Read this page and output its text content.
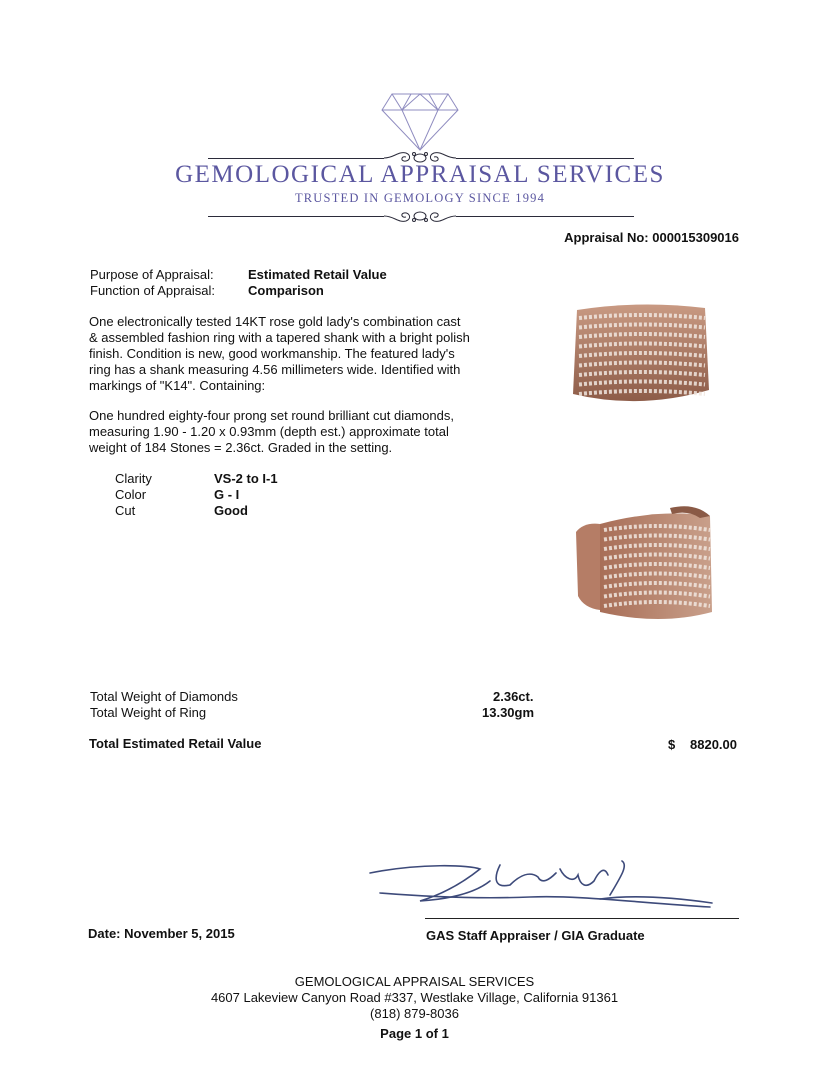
GEMOLOGICAL APPRAISAL SERVICES
TRUSTED IN GEMOLOGY SINCE 1994
Appraisal No: 000015309016
Purpose of Appraisal:	Estimated Retail Value
Function of Appraisal:	Comparison
One electronically tested 14KT rose gold lady's combination cast
& assembled fashion ring with a tapered shank with a bright polish
finish. Condition is new, good workmanship. The featured lady's
ring has a shank measuring 4.56 millimeters wide. Identified with
markings of "K14". Containing:
One hundred eighty-four prong set round brilliant cut diamonds,
measuring 1.90 - 1.20 x 0.93mm (depth est.) approximate total
weight of 184 Stones = 2.36ct. Graded in the setting.
Clarity	VS-2 to I-1
Color	G - I
Cut	Good
Total Weight of Diamonds	2.36ct.
Total Weight of Ring	13.30gm
Total Estimated Retail Value	$ 8820.00
Date: November 5, 2015	GAS Staff Appraiser / GIA Graduate
GEMOLOGICAL APPRAISAL SERVICES
4607 Lakeview Canyon Road #337, Westlake Village, California 91361
(818) 879-8036
Page 1 of 1
